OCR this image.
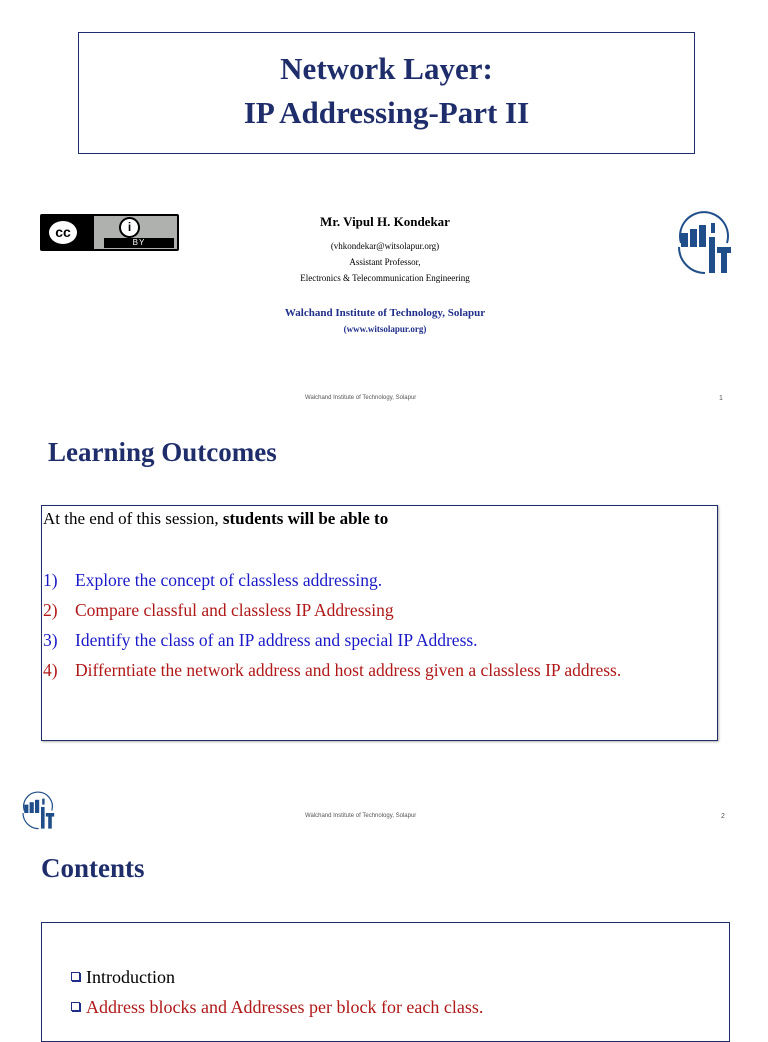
Network Layer:
IP Addressing-Part II
cc	i
BY
Mr. Vipul H. Kondekar
(vhkondekar@witsolapur.org)
Assistant Professor,
Electronics & Telecommunication Engineering
Walchand Institute of Technology, Solapur
(www.witsolapur.org)
Walchand Institute of Technology, Solapur	1
Learning Outcomes
At the end of this session, students will be able to
1) Explore the concept of classless addressing.
2) Compare classful and classless IP Addressing
3) Identify the class of an IP address and special IP Address.
4) Differntiate the network address and host address given a classless IP address.
Walchand Institute of Technology, Solapur	2
Contents
Introduction
Address blocks and Addresses per block for each class.
